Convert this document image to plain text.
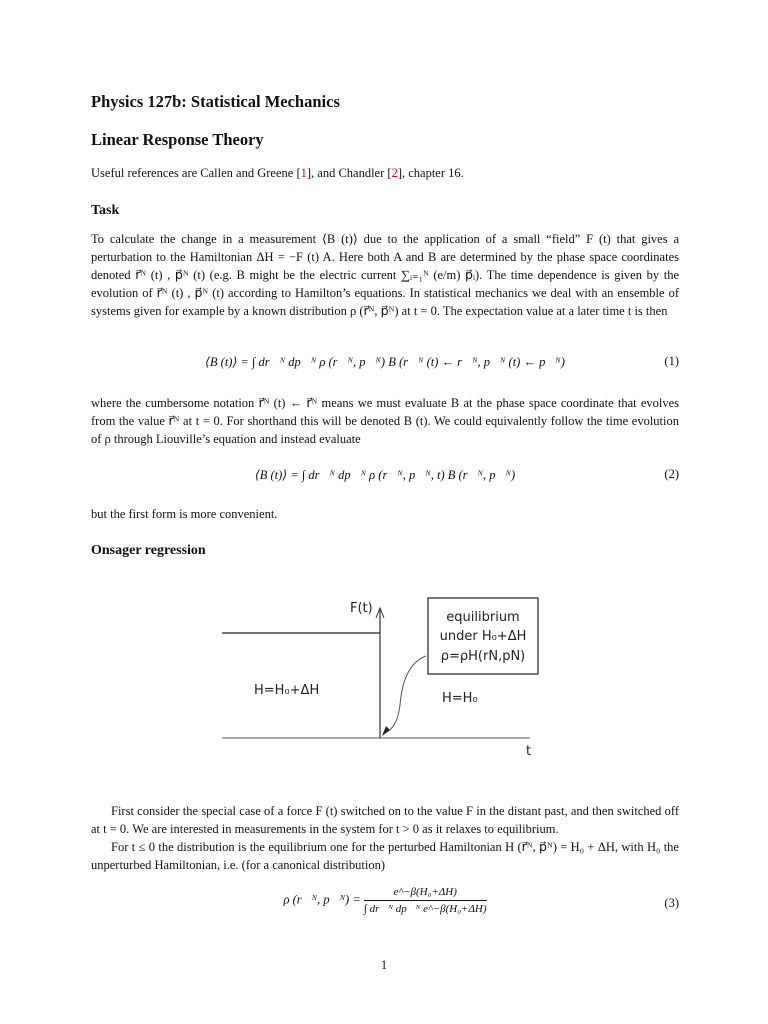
Physics 127b: Statistical Mechanics
Linear Response Theory
Useful references are Callen and Greene [1], and Chandler [2], chapter 16.
Task
To calculate the change in a measurement ⟨B (t)⟩ due to the application of a small “field” F (t) that gives a perturbation to the Hamiltonian ΔH = −F (t) A. Here both A and B are determined by the phase space coordinates denoted r⃗ᴺ (t) , p⃗ᴺ (t) (e.g. B might be the electric current ∑ᵢ₌₁ᴺ (e/m) p⃗ᵢ). The time dependence is given by the evolution of r⃗ᴺ (t) , p⃗ᴺ (t) according to Hamilton’s equations. In statistical mechanics we deal with an ensemble of systems given for example by a known distribution ρ (r⃗ᴺ, p⃗ᴺ) at t = 0. The expectation value at a later time t is then
⟨B (t)⟩ = ∫ dr⃗ᴺ dp⃗ᴺ ρ (r⃗ᴺ, p⃗ᴺ) B (r⃗ᴺ (t) ← r⃗ᴺ, p⃗ᴺ (t) ← p⃗ᴺ)	(1)
where the cumbersome notation r⃗ᴺ (t) ← r⃗ᴺ means we must evaluate B at the phase space coordinate that evolves from the value r⃗ᴺ at t = 0. For shorthand this will be denoted B (t). We could equivalently follow the time evolution of ρ through Liouville’s equation and instead evaluate
⟨B (t)⟩ = ∫ dr⃗ᴺ dp⃗ᴺ ρ (r⃗ᴺ, p⃗ᴺ, t) B (r⃗ᴺ, p⃗ᴺ)	(2)
but the first form is more convenient.
Onsager regression
F(t)
t
H=H₀+ΔH
H=H₀
equilibrium
under H₀+ΔH
ρ=ρH(rN,pN)
First consider the special case of a force F (t) switched on to the value F in the distant past, and then switched off at t = 0. We are interested in measurements in the system for t > 0 as it relaxes to equilibrium.
For t ≤ 0 the distribution is the equilibrium one for the perturbed Hamiltonian H (r⃗ᴺ, p⃗ᴺ) = H₀ + ΔH, with H₀ the unperturbed Hamiltonian, i.e. (for a canonical distribution)
ρ (r⃗ᴺ, p⃗ᴺ) = $\frac{\text{e\textasciicircum{}−β(H₀+ΔH)}}{\text{∫ dr⃗ᴺ dp⃗ᴺ e\textasciicircum{}−β(H₀+ΔH)}}$	(3)
1
